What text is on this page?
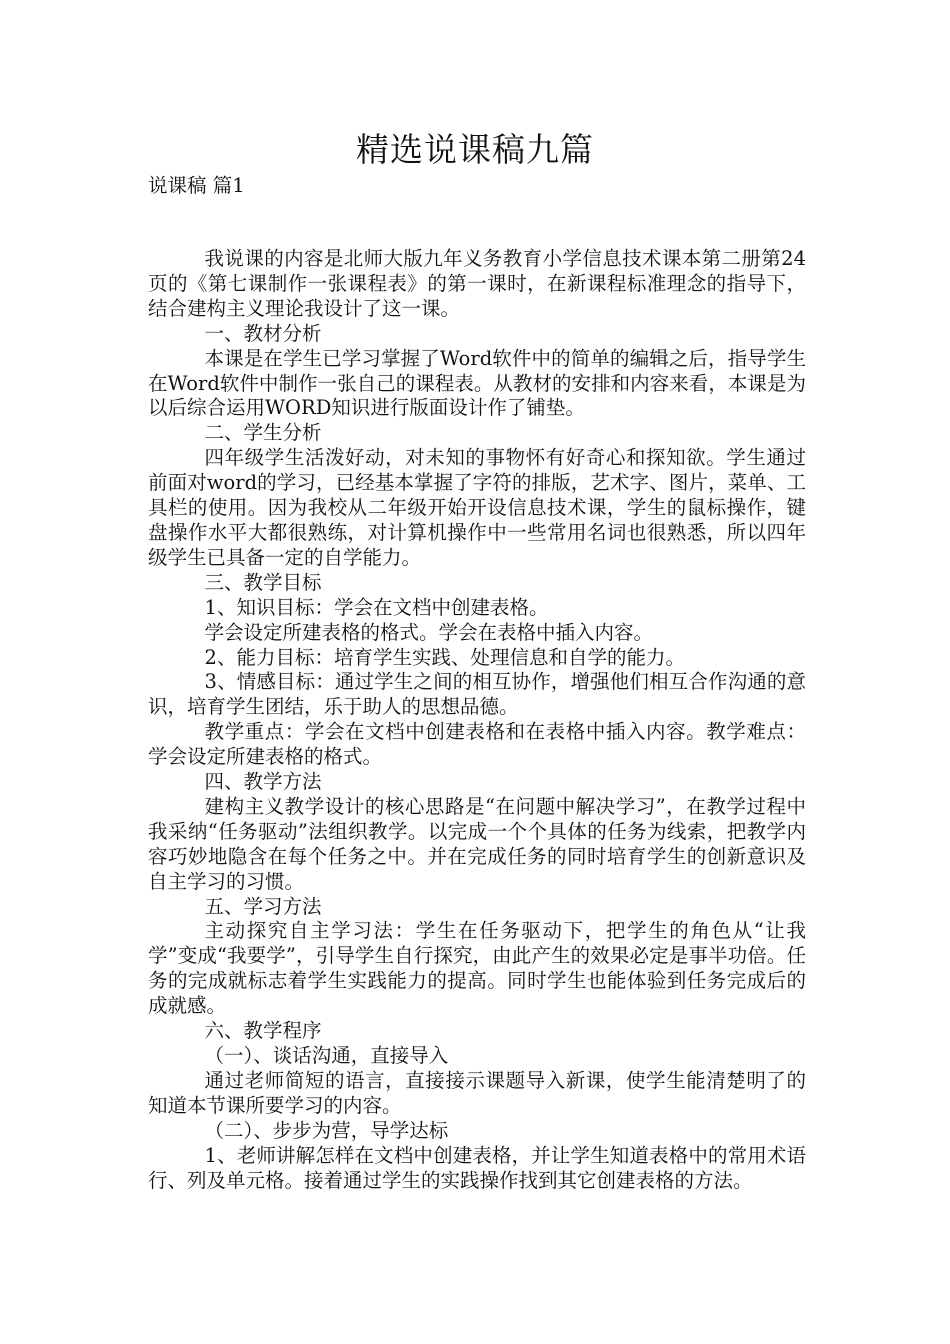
精选说课稿九篇
说课稿 篇1

我说课的内容是北师大版九年义务教育小学信息技术课本第二册第24页的《第七课制作一张课程表》的第一课时，在新课程标准理念的指导下，结合建构主义理论我设计了这一课。

一、教材分析

本课是在学生已学习掌握了Word软件中的简单的编辑之后，指导学生在Word软件中制作一张自己的课程表。从教材的安排和内容来看，本课是为以后综合运用WORD知识进行版面设计作了铺垫。

二、学生分析

四年级学生活泼好动，对未知的事物怀有好奇心和探知欲。学生通过前面对word的学习，已经基本掌握了字符的排版，艺术字、图片，菜单、工具栏的使用。因为我校从二年级开始开设信息技术课，学生的鼠标操作，键盘操作水平大都很熟练，对计算机操作中一些常用名词也很熟悉，所以四年级学生已具备一定的自学能力。

三、教学目标

1、知识目标：学会在文档中创建表格。

学会设定所建表格的格式。学会在表格中插入内容。

2、能力目标：培育学生实践、处理信息和自学的能力。

3、情感目标：通过学生之间的相互协作，增强他们相互合作沟通的意识，培育学生团结，乐于助人的思想品德。

教学重点：学会在文档中创建表格和在表格中插入内容。教学难点：学会设定所建表格的格式。

四、教学方法

建构主义教学设计的核心思路是“在问题中解决学习”，在教学过程中我采纳“任务驱动”法组织教学。以完成一个个具体的任务为线索，把教学内容巧妙地隐含在每个任务之中。并在完成任务的同时培育学生的创新意识及自主学习的习惯。

五、学习方法

主动探究自主学习法：学生在任务驱动下，把学生的角色从“让我学”变成“我要学”，引导学生自行探究，由此产生的效果必定是事半功倍。任务的完成就标志着学生实践能力的提高。同时学生也能体验到任务完成后的成就感。

六、教学程序

（一）、谈话沟通，直接导入

通过老师简短的语言，直接接示课题导入新课，使学生能清楚明了的知道本节课所要学习的内容。

（二）、步步为营，导学达标

1、老师讲解怎样在文档中创建表格，并让学生知道表格中的常用术语行、列及单元格。接着通过学生的实践操作找到其它创建表格的方法。
